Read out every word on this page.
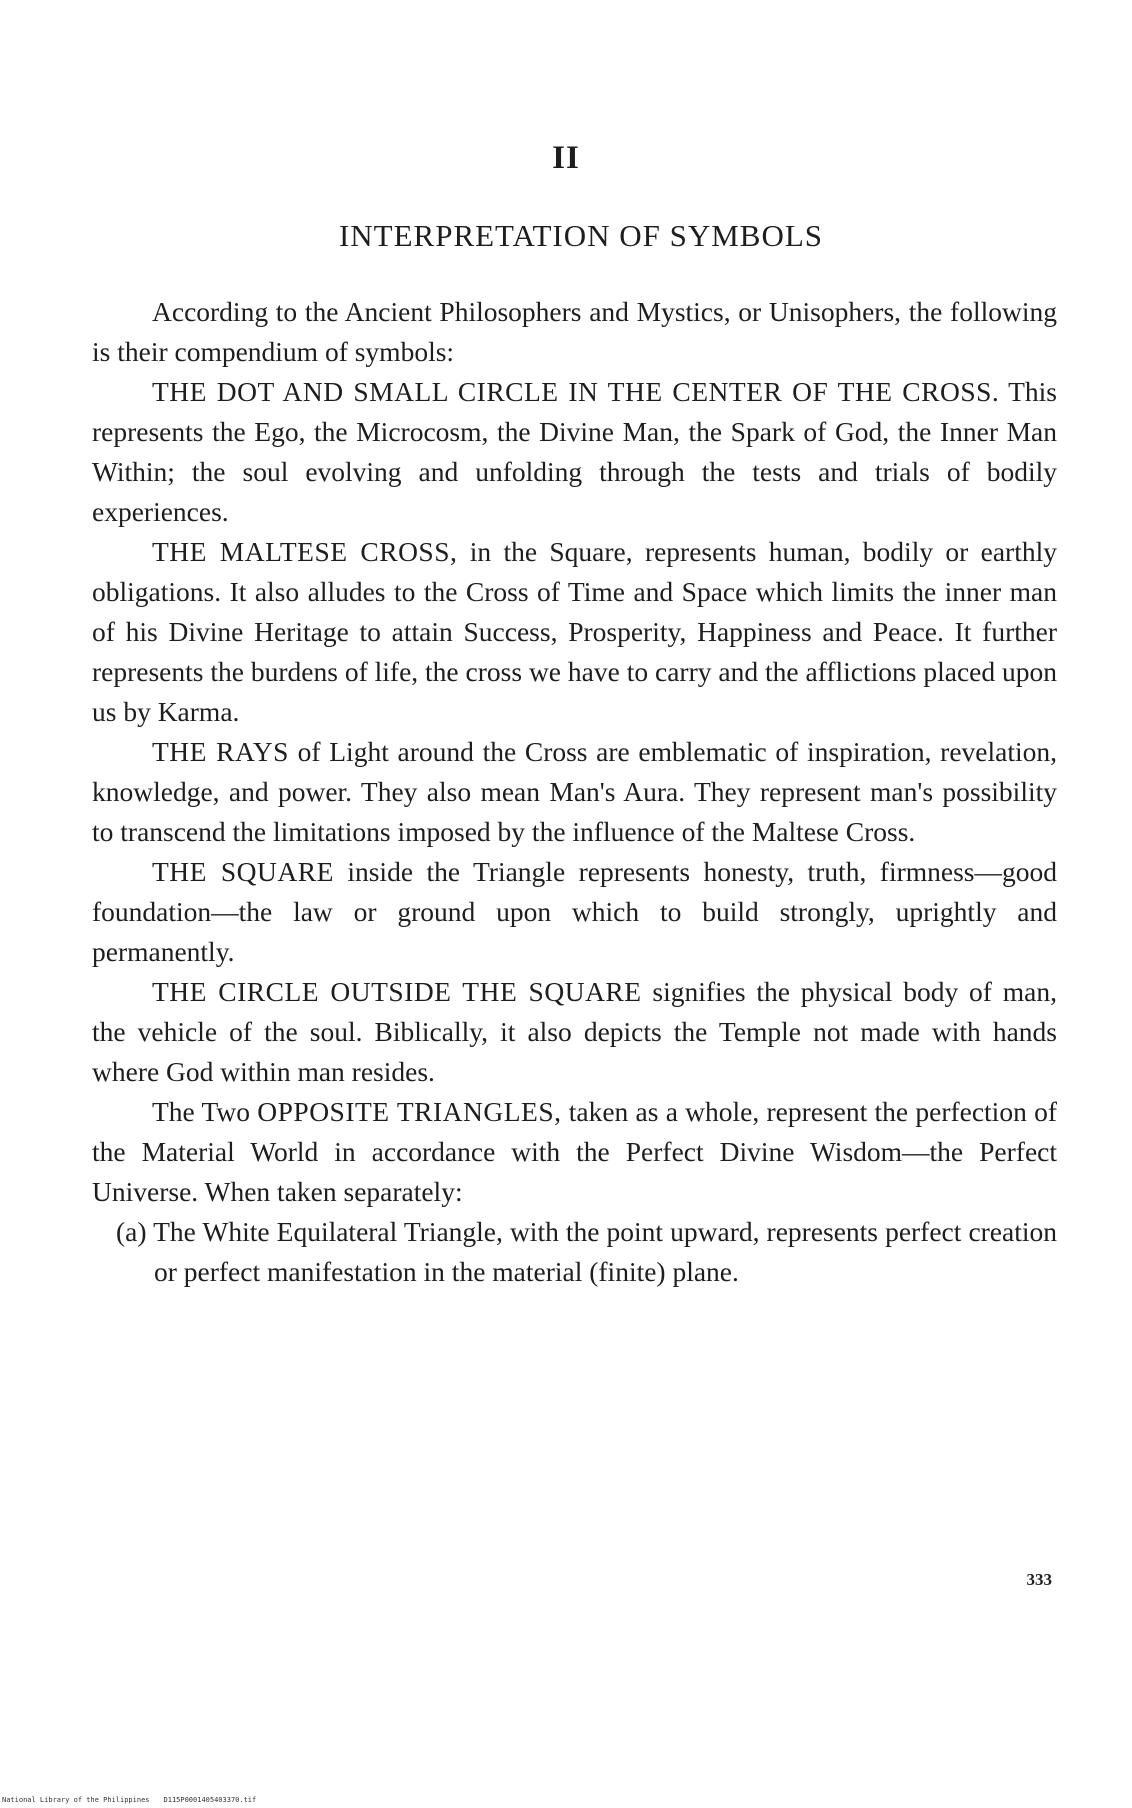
II
INTERPRETATION OF SYMBOLS

According to the Ancient Philosophers and Mystics, or Unisophers, the following is their compendium of symbols:

THE DOT AND SMALL CIRCLE IN THE CENTER OF THE CROSS. This represents the Ego, the Microcosm, the Divine Man, the Spark of God, the Inner Man Within; the soul evolving and unfolding through the tests and trials of bodily experiences.

THE MALTESE CROSS, in the Square, represents human, bodily or earthly obligations. It also alludes to the Cross of Time and Space which limits the inner man of his Divine Heritage to attain Success, Prosperity, Happiness and Peace. It further represents the burdens of life, the cross we have to carry and the afflictions placed upon us by Karma.

THE RAYS of Light around the Cross are emblematic of inspiration, revelation, knowledge, and power. They also mean Man's Aura. They represent man's possibility to transcend the limitations imposed by the influence of the Maltese Cross.

THE SQUARE inside the Triangle represents honesty, truth, firmness—good foundation—the law or ground upon which to build strongly, uprightly and permanently.

THE CIRCLE OUTSIDE THE SQUARE signifies the physical body of man, the vehicle of the soul. Biblically, it also depicts the Temple not made with hands where God within man resides.

The Two OPPOSITE TRIANGLES, taken as a whole, represent the perfection of the Material World in accordance with the Perfect Divine Wisdom—the Perfect Universe. When taken separately:

(a) The White Equilateral Triangle, with the point upward, represents perfect creation or perfect manifestation in the material (finite) plane.

333
National Library of the Philippines D115P0001405403370.tif
